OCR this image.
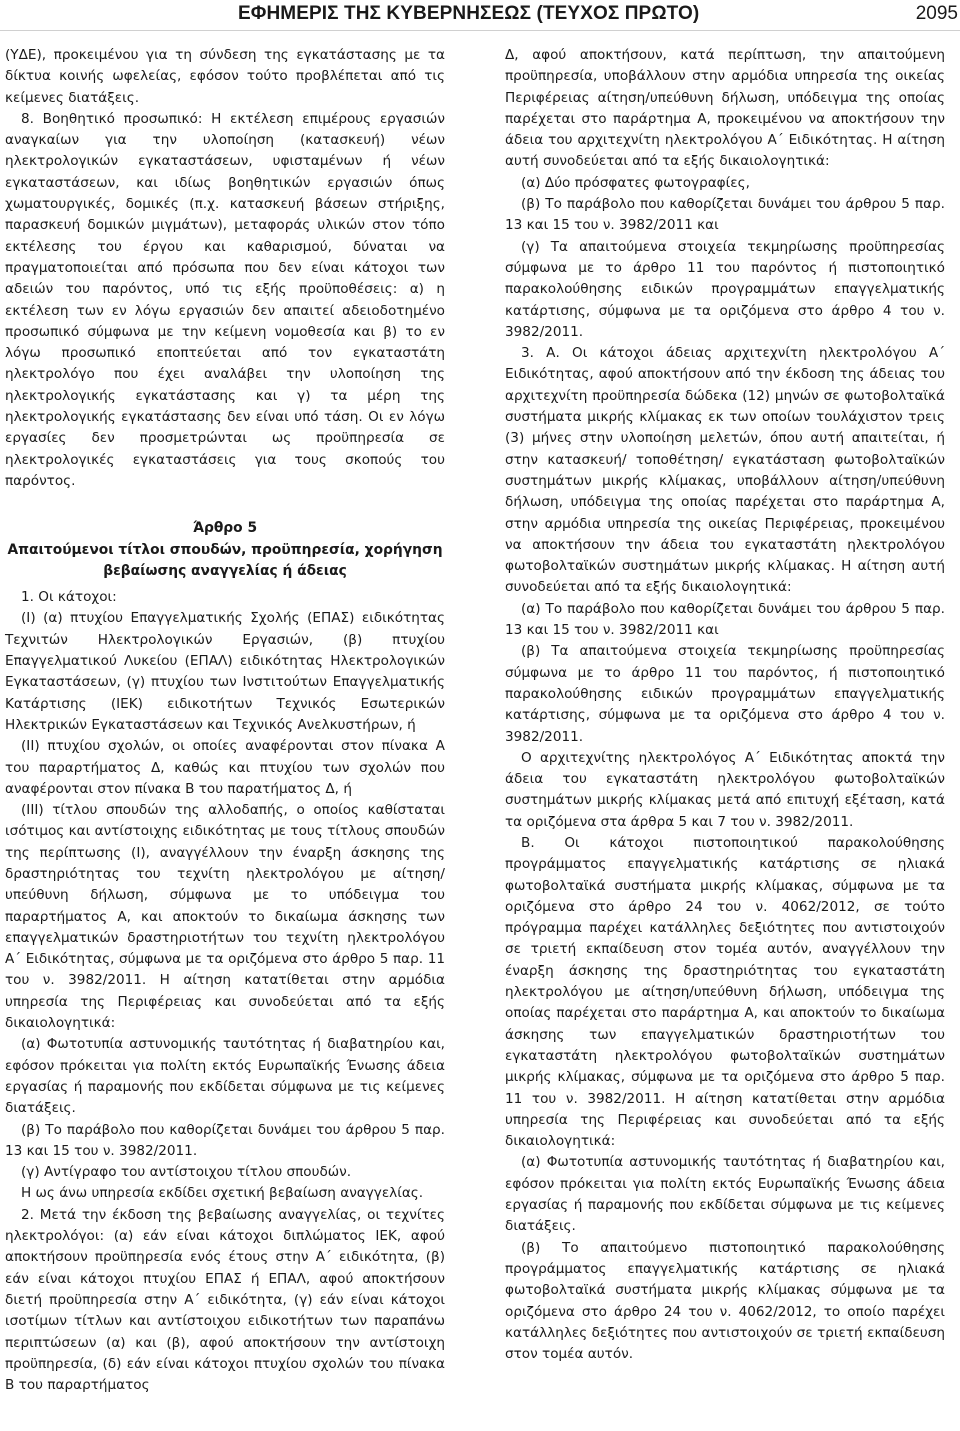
ΕΦΗΜΕΡΙΣ ΤΗΣ ΚΥΒΕΡΝΗΣΕΩΣ (ΤΕΥΧΟΣ ΠΡΩΤΟ)	2095

(ΥΔΕ), προκειμένου για τη σύνδεση της εγκατάστασης με τα δίκτυα κοινής ωφελείας, εφόσον τούτο προβλέπεται από τις κείμενες διατάξεις.

8. Βοηθητικό προσωπικό: Η εκτέλεση επιμέρους εργασιών αναγκαίων για την υλοποίηση (κατασκευή) νέων ηλεκτρολογικών εγκαταστάσεων, υφισταμένων ή νέων εγκαταστάσεων, και ιδίως βοηθητικών εργασιών όπως χωματουργικές, δομικές (π.χ. κατασκευή βάσεων στήριξης, παρασκευή δομικών μιγμάτων), μεταφοράς υλικών στον τόπο εκτέλεσης του έργου και καθαρισμού, δύναται να πραγματοποιείται από πρόσωπα που δεν είναι κάτοχοι των αδειών του παρόντος, υπό τις εξής προϋποθέσεις: α) η εκτέλεση των εν λόγω εργασιών δεν απαιτεί αδειοδοτημένο προσωπικό σύμφωνα με την κείμενη νομοθεσία και β) το εν λόγω προσωπικό εποπτεύεται από τον εγκαταστάτη ηλεκτρολόγο που έχει αναλάβει την υλοποίηση της ηλεκτρολογικής εγκατάστασης και γ) τα μέρη της ηλεκτρολογικής εγκατάστασης δεν είναι υπό τάση. Οι εν λόγω εργασίες δεν προσμετρώνται ως προϋπηρεσία σε ηλεκτρολογικές εγκαταστάσεις για τους σκοπούς του παρόντος.

Άρθρο 5
Απαιτούμενοι τίτλοι σπουδών, προϋπηρεσία, χορήγηση βεβαίωσης αναγγελίας ή άδειας

1. Οι κάτοχοι:

(Ι) (α) πτυχίου Επαγγελματικής Σχολής (ΕΠΑΣ) ειδικότητας Τεχνιτών Ηλεκτρολογικών Εργασιών, (β) πτυχίου Επαγγελματικού Λυκείου (ΕΠΑΛ) ειδικότητας Ηλεκτρολογικών Εγκαταστάσεων, (γ) πτυχίου των Ινστιτούτων Επαγγελματικής Κατάρτισης (ΙΕΚ) ειδικοτήτων Τεχνικός Εσωτερικών Ηλεκτρικών Εγκαταστάσεων και Τεχνικός Ανελκυστήρων, ή

(ΙΙ) πτυχίου σχολών, οι οποίες αναφέρονται στον πίνακα Α του παραρτήματος Δ, καθώς και πτυχίου των σχολών που αναφέρονται στον πίνακα Β του παρατήματος Δ, ή

(ΙΙΙ) τίτλου σπουδών της αλλοδαπής, ο οποίος καθίσταται ισότιμος και αντίστοιχης ειδικότητας με τους τίτλους σπουδών της περίπτωσης (Ι), αναγγέλλουν την έναρξη άσκησης της δραστηριότητας του τεχνίτη ηλεκτρολόγου με αίτηση/υπεύθυνη δήλωση, σύμφωνα με το υπόδειγμα του παραρτήματος Α, και αποκτούν το δικαίωμα άσκησης των επαγγελματικών δραστηριοτήτων του τεχνίτη ηλεκτρολόγου Α΄ Ειδικότητας, σύμφωνα με τα οριζόμενα στο άρθρο 5 παρ. 11 του ν. 3982/2011. Η αίτηση κατατίθεται στην αρμόδια υπηρεσία της Περιφέρειας και συνοδεύεται από τα εξής δικαιολογητικά:

(α) Φωτοτυπία αστυνομικής ταυτότητας ή διαβατηρίου και, εφόσον πρόκειται για πολίτη εκτός Ευρωπαϊκής Ένωσης άδεια εργασίας ή παραμονής που εκδίδεται σύμφωνα με τις κείμενες διατάξεις.

(β) Το παράβολο που καθορίζεται δυνάμει του άρθρου 5 παρ. 13 και 15 του ν. 3982/2011.

(γ) Αντίγραφο του αντίστοιχου τίτλου σπουδών.

Η ως άνω υπηρεσία εκδίδει σχετική βεβαίωση αναγγελίας.

2. Μετά την έκδοση της βεβαίωσης αναγγελίας, οι τεχνίτες ηλεκτρολόγοι: (α) εάν είναι κάτοχοι διπλώματος ΙΕΚ, αφού αποκτήσουν προϋπηρεσία ενός έτους στην Α΄ ειδικότητα, (β) εάν είναι κάτοχοι πτυχίου ΕΠΑΣ ή ΕΠΑΛ, αφού αποκτήσουν διετή προϋπηρεσία στην Α΄ ειδικότητα, (γ) εάν είναι κάτοχοι ισοτίμων τίτλων και αντίστοιχου ειδικοτήτων των παραπάνω περιπτώσεων (α) και (β), αφού αποκτήσουν την αντίστοιχη προϋπηρεσία, (δ) εάν είναι κάτοχοι πτυχίου σχολών του πίνακα Β του παραρτήματος

Δ, αφού αποκτήσουν, κατά περίπτωση, την απαιτούμενη προϋπηρεσία, υποβάλλουν στην αρμόδια υπηρεσία της οικείας Περιφέρειας αίτηση/υπεύθυνη δήλωση, υπόδειγμα της οποίας παρέχεται στο παράρτημα Α, προκειμένου να αποκτήσουν την άδεια του αρχιτεχνίτη ηλεκτρολόγου Α΄ Ειδικότητας. Η αίτηση αυτή συνοδεύεται από τα εξής δικαιολογητικά:

(α) Δύο πρόσφατες φωτογραφίες,

(β) Το παράβολο που καθορίζεται δυνάμει του άρθρου 5 παρ. 13 και 15 του ν. 3982/2011 και

(γ) Τα απαιτούμενα στοιχεία τεκμηρίωσης προϋπηρεσίας σύμφωνα με το άρθρο 11 του παρόντος ή πιστοποιητικό παρακολούθησης ειδικών προγραμμάτων επαγγελματικής κατάρτισης, σύμφωνα με τα οριζόμενα στο άρθρο 4 του ν. 3982/2011.

3. Α. Οι κάτοχοι άδειας αρχιτεχνίτη ηλεκτρολόγου Α΄ Ειδικότητας, αφού αποκτήσουν από την έκδοση της άδειας του αρχιτεχνίτη προϋπηρεσία δώδεκα (12) μηνών σε φωτοβολταϊκά συστήματα μικρής κλίμακας εκ των οποίων τουλάχιστον τρεις (3) μήνες στην υλοποίηση μελετών, όπου αυτή απαιτείται, ή στην κατασκευή/ τοποθέτηση/ εγκατάσταση φωτοβολταϊκών συστημάτων μικρής κλίμακας, υποβάλλουν αίτηση/υπεύθυνη δήλωση, υπόδειγμα της οποίας παρέχεται στο παράρτημα Α, στην αρμόδια υπηρεσία της οικείας Περιφέρειας, προκειμένου να αποκτήσουν την άδεια του εγκαταστάτη ηλεκτρολόγου φωτοβολταϊκών συστημάτων μικρής κλίμακας. Η αίτηση αυτή συνοδεύεται από τα εξής δικαιολογητικά:

(α) Το παράβολο που καθορίζεται δυνάμει του άρθρου 5 παρ. 13 και 15 του ν. 3982/2011 και

(β) Τα απαιτούμενα στοιχεία τεκμηρίωσης προϋπηρεσίας σύμφωνα με το άρθρο 11 του παρόντος, ή πιστοποιητικό παρακολούθησης ειδικών προγραμμάτων επαγγελματικής κατάρτισης, σύμφωνα με τα οριζόμενα στο άρθρο 4 του ν. 3982/2011.

Ο αρχιτεχνίτης ηλεκτρολόγος Α΄ Ειδικότητας αποκτά την άδεια του εγκαταστάτη ηλεκτρολόγου φωτοβολταϊκών συστημάτων μικρής κλίμακας μετά από επιτυχή εξέταση, κατά τα οριζόμενα στα άρθρα 5 και 7 του ν. 3982/2011.

Β. Οι κάτοχοι πιστοποιητικού παρακολούθησης προγράμματος επαγγελματικής κατάρτισης σε ηλιακά φωτοβολταϊκά συστήματα μικρής κλίμακας, σύμφωνα με τα οριζόμενα στο άρθρο 24 του ν. 4062/2012, σε τούτο πρόγραμμα παρέχει κατάλληλες δεξιότητες που αντιστοιχούν σε τριετή εκπαίδευση στον τομέα αυτόν, αναγγέλλουν την έναρξη άσκησης της δραστηριότητας του εγκαταστάτη ηλεκτρολόγου με αίτηση/υπεύθυνη δήλωση, υπόδειγμα της οποίας παρέχεται στο παράρτημα Α, και αποκτούν το δικαίωμα άσκησης των επαγγελματικών δραστηριοτήτων του εγκαταστάτη ηλεκτρολόγου φωτοβολταϊκών συστημάτων μικρής κλίμακας, σύμφωνα με τα οριζόμενα στο άρθρο 5 παρ. 11 του ν. 3982/2011. Η αίτηση κατατίθεται στην αρμόδια υπηρεσία της Περιφέρειας και συνοδεύεται από τα εξής δικαιολογητικά:

(α) Φωτοτυπία αστυνομικής ταυτότητας ή διαβατηρίου και, εφόσον πρόκειται για πολίτη εκτός Ευρωπαϊκής Ένωσης άδεια εργασίας ή παραμονής που εκδίδεται σύμφωνα με τις κείμενες διατάξεις.

(β) Το απαιτούμενο πιστοποιητικό παρακολούθησης προγράμματος επαγγελματικής κατάρτισης σε ηλιακά φωτοβολταϊκά συστήματα μικρής κλίμακας σύμφωνα με τα οριζόμενα στο άρθρο 24 του ν. 4062/2012, το οποίο παρέχει κατάλληλες δεξιότητες που αντιστοιχούν σε τριετή εκπαίδευση στον τομέα αυτόν.
